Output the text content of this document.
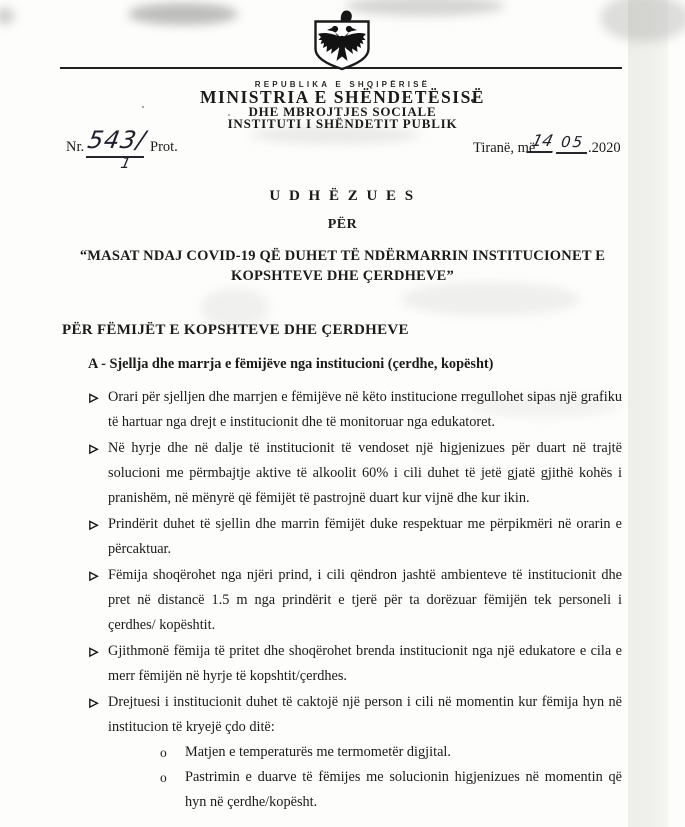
REPUBLIKA E SHQIPËRISË
MINISTRIA E SHËNDETËSISË
DHE MBROJTJES SOCIALE
INSTITUTI I SHËNDETIT PUBLIK
Nr. 543/
1
Prot.	Tiranë, më
14 05 .2020
U D H Ë Z U E S
PËR
“MASAT NDAJ COVID-19 QË DUHET TË NDËRMARRIN INSTITUCIONET E KOPSHTEVE DHE ÇERDHEVE”
PËR FËMIJËT E KOPSHTEVE DHE ÇERDHEVE
A - Sjellja dhe marrja e fëmijëve nga institucioni (çerdhe, kopësht)
Orari për sjelljen dhe marrjen e fëmijëve në këto institucione rregullohet sipas një grafiku të hartuar nga drejt e institucionit dhe të monitoruar nga edukatoret.
Në hyrje dhe në dalje të institucionit të vendoset një higjenizues për duart në trajtë solucioni me përmbajtje aktive të alkoolit 60% i cili duhet të jetë gjatë gjithë kohës i pranishëm, në mënyrë që fëmijët të pastrojnë duart kur vijnë dhe kur ikin.
Prindërit duhet të sjellin dhe marrin fëmijët duke respektuar me përpikmëri në orarin e përcaktuar.
Fëmija shoqërohet nga njëri prind, i cili qëndron jashtë ambienteve të institucionit dhe pret në distancë 1.5 m nga prindërit e tjerë për ta dorëzuar fëmijën tek personeli i çerdhes/ kopështit.
Gjithmonë fëmija të pritet dhe shoqërohet brenda institucionit nga një edukatore e cila e merr fëmijën në hyrje të kopshtit/çerdhes.
Drejtuesi i institucionit duhet të caktojë një person i cili në momentin kur fëmija hyn në institucion të kryejë çdo ditë:
o	Matjen e temperaturës me termometër digjital.
o	Pastrimin e duarve të fëmijes me solucionin higjenizues në momentin që hyn në çerdhe/kopësht.
